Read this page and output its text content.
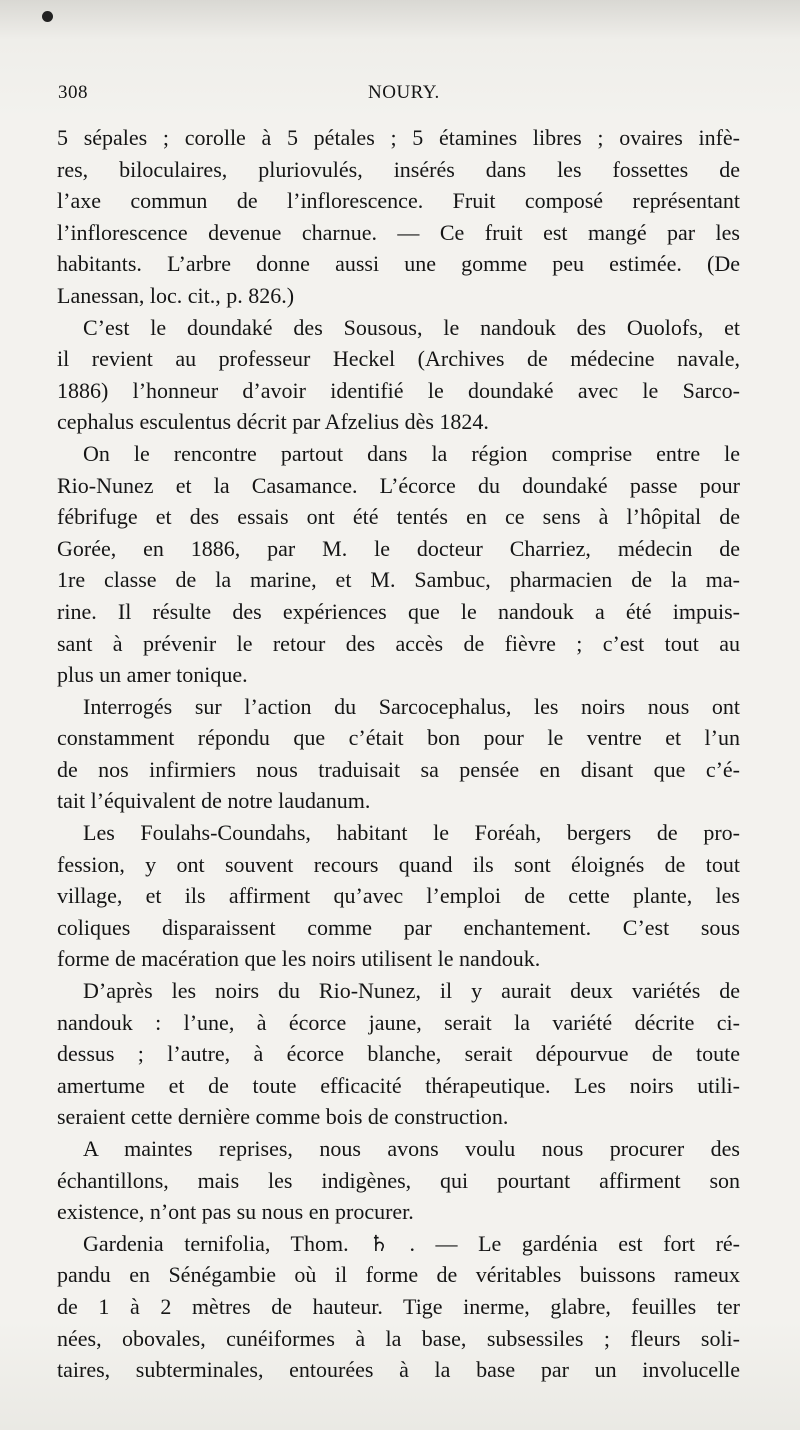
308	NOURY.
5 sépales ; corolle à 5 pétales ; 5 étamines libres ; ovaires infè-
res, biloculaires, pluriovulés, insérés dans les fossettes de
l’axe commun de l’inflorescence. Fruit composé représentant
l’inflorescence devenue charnue. — Ce fruit est mangé par les
habitants. L’arbre donne aussi une gomme peu estimée. (De
Lanessan, loc. cit., p. 826.)
C’est le doundaké des Sousous, le nandouk des Ouolofs, et
il revient au professeur Heckel (Archives de médecine navale,
1886) l’honneur d’avoir identifié le doundaké avec le Sarco-
cephalus esculentus décrit par Afzelius dès 1824.
On le rencontre partout dans la région comprise entre le
Rio-Nunez et la Casamance. L’écorce du doundaké passe pour
fébrifuge et des essais ont été tentés en ce sens à l’hôpital de
Gorée, en 1886, par M. le docteur Charriez, médecin de
1re classe de la marine, et M. Sambuc, pharmacien de la ma-
rine. Il résulte des expériences que le nandouk a été impuis-
sant à prévenir le retour des accès de fièvre ; c’est tout au
plus un amer tonique.
Interrogés sur l’action du Sarcocephalus, les noirs nous ont
constamment répondu que c’était bon pour le ventre et l’un
de nos infirmiers nous traduisait sa pensée en disant que c’é-
tait l’équivalent de notre laudanum.
Les Foulahs-Coundahs, habitant le Foréah, bergers de pro-
fession, y ont souvent recours quand ils sont éloignés de tout
village, et ils affirment qu’avec l’emploi de cette plante, les
coliques disparaissent comme par enchantement. C’est sous
forme de macération que les noirs utilisent le nandouk.
D’après les noirs du Rio-Nunez, il y aurait deux variétés de
nandouk : l’une, à écorce jaune, serait la variété décrite ci-
dessus ; l’autre, à écorce blanche, serait dépourvue de toute
amertume et de toute efficacité thérapeutique. Les noirs utili-
seraient cette dernière comme bois de construction.
A maintes reprises, nous avons voulu nous procurer des
échantillons, mais les indigènes, qui pourtant affirment son
existence, n’ont pas su nous en procurer.
Gardenia ternifolia, Thom. ♄ . — Le gardénia est fort ré-
pandu en Sénégambie où il forme de véritables buissons rameux
de 1 à 2 mètres de hauteur. Tige inerme, glabre, feuilles ter
nées, obovales, cunéiformes à la base, subsessiles ; fleurs soli-
taires, subterminales, entourées à la base par un involucelle
